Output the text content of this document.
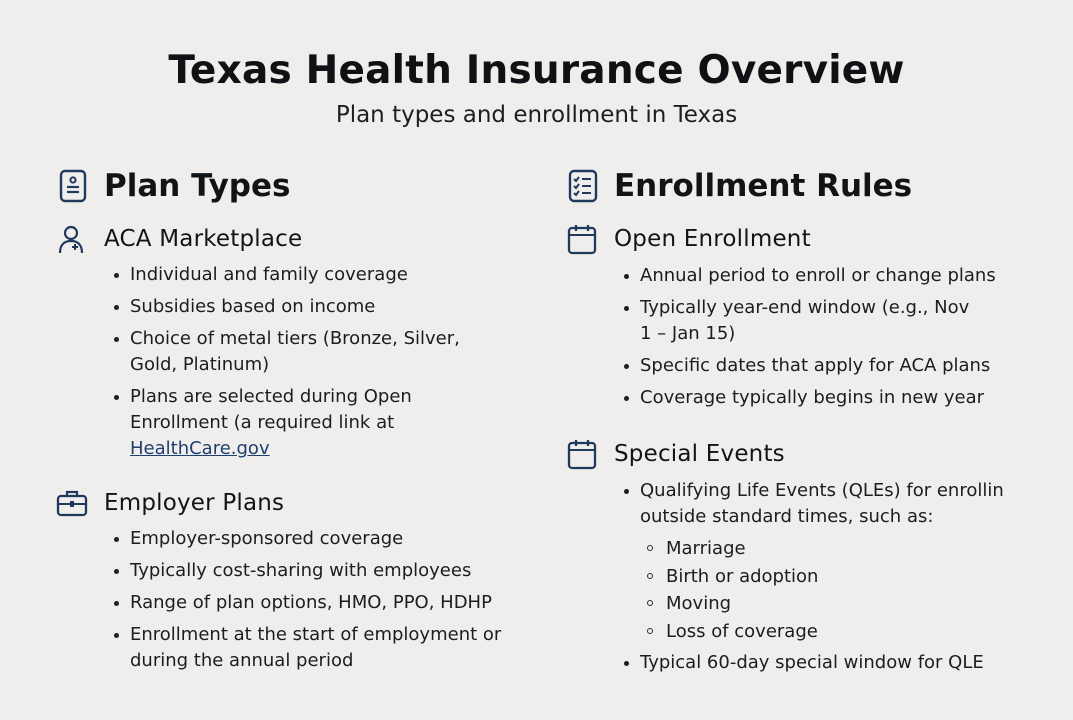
Texas Health Insurance Overview
Plan types and enrollment in Texas
Plan Types
ACA Marketplace
Individual and family coverage
Subsidies based on income
Choice of metal tiers (Bronze, Silver, Gold, Platinum)
Plans are selected during Open Enrollment (a required link at HealthCare.gov
Employer Plans
Employer-sponsored coverage
Typically cost-sharing with employees
Range of plan options, HMO, PPO, HDHP
Enrollment at the start of employment or during the annual period
Enrollment Rules
Open Enrollment
Annual period to enroll or change plans
Typically year-end window (e.g., Nov 1 – Jan 15)
Specific dates that apply for ACA plans
Coverage typically begins in new year
Special Events
Qualifying Life Events (QLEs) for enrollin outside standard times, such as:
Marriage
Birth or adoption
Moving
Loss of coverage
Typical 60-day special window for QLE
